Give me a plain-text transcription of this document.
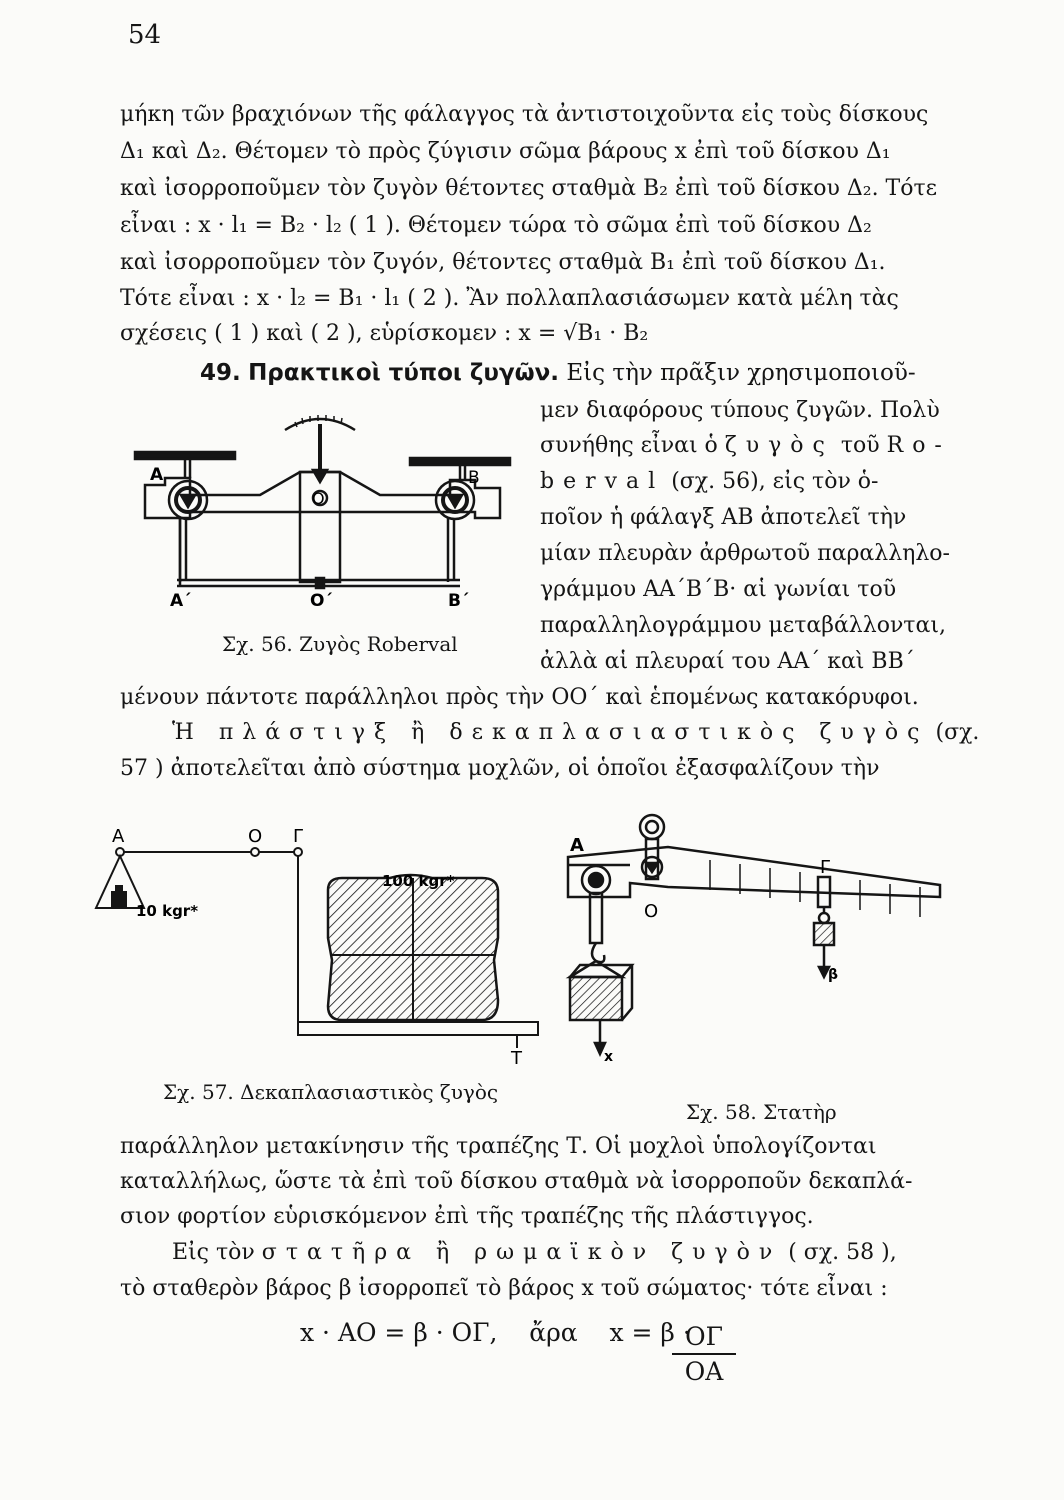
54
μήκη τῶν βραχιόνων τῆς φάλαγγος τὰ ἀντιστοιχοῦντα εἰς τοὺς δίσκους
Δ₁ καὶ Δ₂. Θέτομεν τὸ πρὸς ζύγισιν σῶμα βάρους x ἐπὶ τοῦ δίσκου Δ₁
καὶ ἰσορροποῦμεν τὸν ζυγὸν θέτοντες σταθμὰ Β₂ ἐπὶ τοῦ δίσκου Δ₂. Τότε
εἶναι : x · l₁ = Β₂ · l₂ ( 1 ). Θέτομεν τώρα τὸ σῶμα ἐπὶ τοῦ δίσκου Δ₂
καὶ ἰσορροποῦμεν τὸν ζυγόν, θέτοντες σταθμὰ Β₁ ἐπὶ τοῦ δίσκου Δ₁.
Τότε εἶναι : x · l₂ = Β₁ · l₁ ( 2 ). Ἂν πολλαπλασιάσωμεν κατὰ μέλη τὰς
σχέσεις ( 1 ) καὶ ( 2 ), εὑρίσκομεν : x = √Β₁ · Β₂
49. Πρακτικοὶ τύποι ζυγῶν. Εἰς τὴν πρᾶξιν χρησιμοποιοῦ-
μεν διαφόρους τύπους ζυγῶν. Πολὺ
συνήθης εἶναι ὁ ζυγὸς τοῦ Ro-
berval (σχ. 56), εἰς τὸν ὁ-
ποῖον ἡ φάλαγξ ΑΒ ἀποτελεῖ τὴν
μίαν πλευρὰν ἀρθρωτοῦ παραλληλο-
γράμμου ΑΑ΄Β΄Β· αἱ γωνίαι τοῦ
παραλληλογράμμου μεταβάλλονται,
ἀλλὰ αἱ πλευραί του ΑΑ΄ καὶ ΒΒ΄
Σχ. 56. Ζυγὸς Roberval
μένουν πάντοτε παράλληλοι πρὸς τὴν ΟΟ΄ καὶ ἑπομένως κατακόρυφοι.
Ἡ πλάστιγξ ἢ δεκαπλασιαστικὸς ζυγὸς (σχ.
57 ) ἀποτελεῖται ἀπὸ σύστημα μοχλῶν, οἱ ὁποῖοι ἐξασφαλίζουν τὴν
A	B
O
A΄	O΄	B΄
A	O Γ
10 kgr*
100 kgr*
T
A
O
Γ
β
x
Σχ. 57. Δεκαπλασιαστικὸς ζυγὸς
Σχ. 58. Στατὴρ
παράλληλον μετακίνησιν τῆς τραπέζης Τ. Οἱ μοχλοὶ ὑπολογίζονται
καταλλήλως, ὥστε τὰ ἐπὶ τοῦ δίσκου σταθμὰ νὰ ἰσορροποῦν δεκαπλά-
σιον φορτίον εὑρισκόμενον ἐπὶ τῆς τραπέζης τῆς πλάστιγγος.
Εἰς τὸν στατῆρα ἢ ρωμαϊκὸν ζυγὸν ( σχ. 58 ),
τὸ σταθερὸν βάρος β ἰσορροπεῖ τὸ βάρος x τοῦ σώματος· τότε εἶναι :
x · ΑΟ = β · ΟΓ, ἄρα x = β ·
$\frac{O\Gamma}{OA}$
